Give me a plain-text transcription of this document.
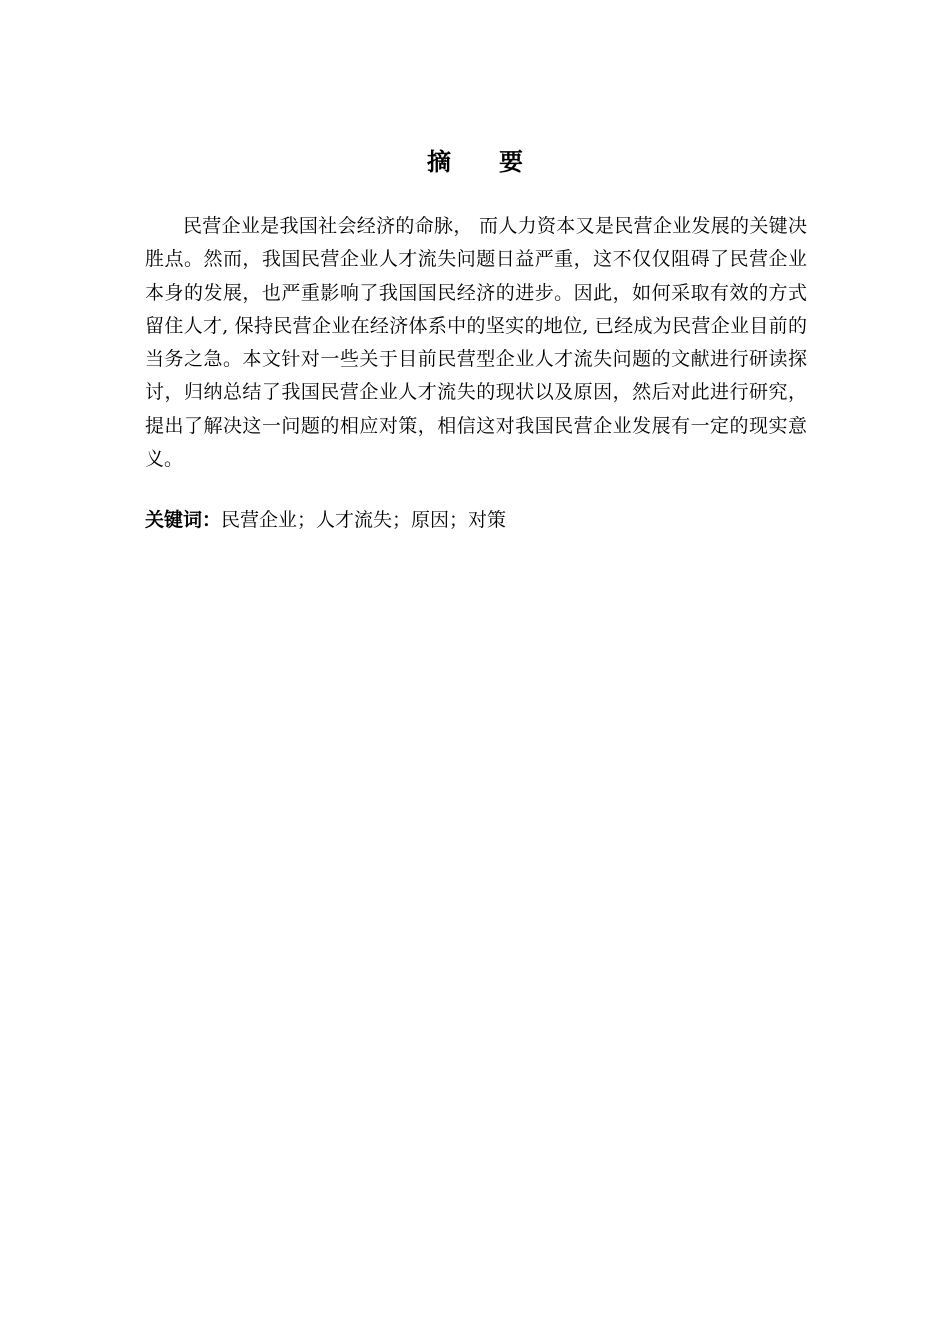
摘要

民营企业是我国社会经济的命脉， 而人力资本又是民营企业发展的关键决胜点。然而，我国民营企业人才流失问题日益严重，这不仅仅阻碍了民营企业本身的发展，也严重影响了我国国民经济的进步。因此，如何采取有效的方式留住人才, 保持民营企业在经济体系中的坚实的地位, 已经成为民营企业目前的当务之急。本文针对一些关于目前民营型企业人才流失问题的文献进行研读探讨，归纳总结了我国民营企业人才流失的现状以及原因，然后对此进行研究，提出了解决这一问题的相应对策，相信这对我国民营企业发展有一定的现实意义。

关键词：民营企业；人才流失；原因；对策
